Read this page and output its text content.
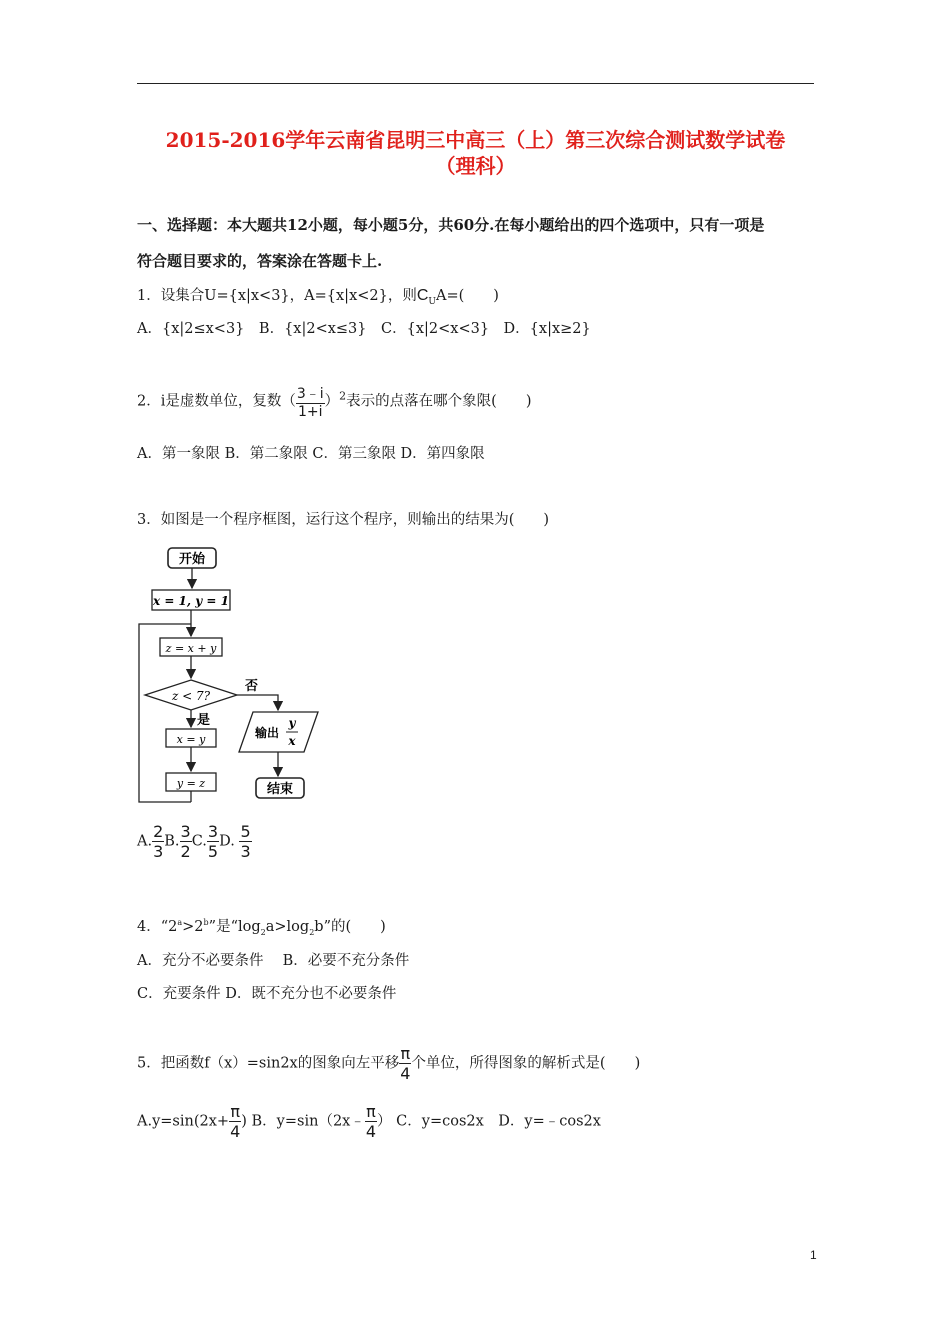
2015-2016学年云南省昆明三中高三（上）第三次综合测试数学试卷
（理科）
一、选择题：本大题共12小题，每小题5分，共60分.在每小题给出的四个选项中，只有一项是
符合题目要求的，答案涂在答题卡上.
1．设集合U={x|x<3}，A={x|x<2}，则$C_UA=$(　　)
A．{x|2≤x<3}　B．{x|2<x≤3}　C．{x|2<x<3}　D．{x|x≥2}
2．i是虚数单位，复数（ $\frac{3﹣i}{1+i} )^2$表示的点落在哪个象限(　　)
A．第一象限 B．第二象限 C．第三象限 D．第四象限
3．如图是一个程序框图，运行这个程序，则输出的结果为(　　)
开始
x = 1, y = 1
z = x + y
z < 7?
否
是
x = y
y = z
输出
y
x
结束
A. $\frac{2}{3} B$. $\frac{3}{2} C$. $\frac{3}{5} D$. $\frac{5}{3}$
4．“$2^a>2^b$”是“$\log_2a>\log_2b$”的(　　)
A．充分不必要条件　 B．必要不充分条件
C．充要条件 D．既不充分也不必要条件
5．把函数f（x）=sin2x的图象向左平移 $\frac{\pi}{4}$ 个单位，所得图象的解析式是(　　)
$A.y=\sin(2x+ \frac{\pi}{4}$ ) B．y=sin（2x﹣ $\frac{\pi}{4}$ ） C．y=cos2x　D．y=﹣cos2x
1
